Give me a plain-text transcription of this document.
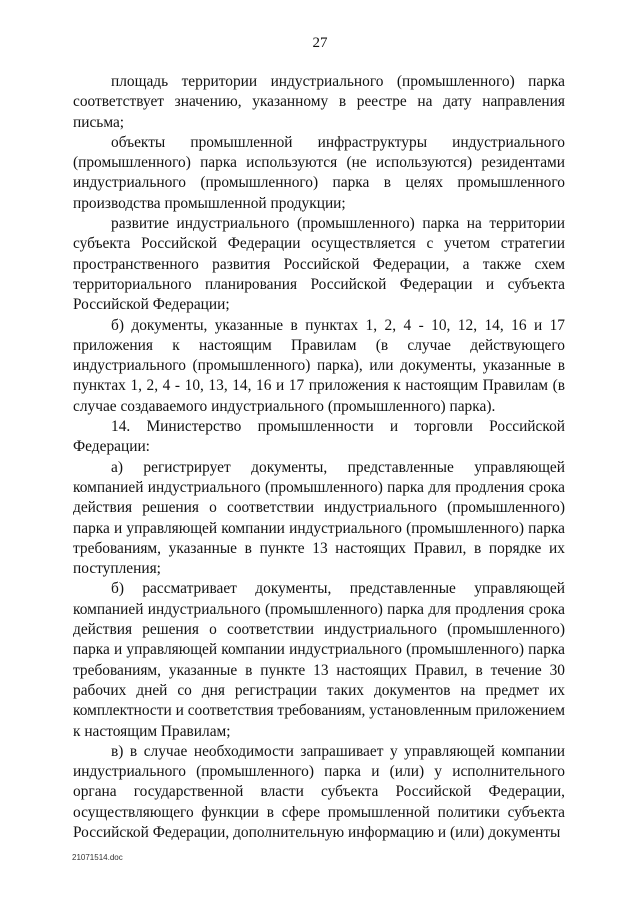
27

площадь территории индустриального (промышленного) парка соответствует значению, указанному в реестре на дату направления письма;

объекты промышленной инфраструктуры индустриального (промышленного) парка используются (не используются) резидентами индустриального (промышленного) парка в целях промышленного производства промышленной продукции;

развитие индустриального (промышленного) парка на территории субъекта Российской Федерации осуществляется с учетом стратегии пространственного развития Российской Федерации, а также схем территориального планирования Российской Федерации и субъекта Российской Федерации;

б) документы, указанные в пунктах 1, 2, 4 - 10, 12, 14, 16 и 17 приложения к настоящим Правилам (в случае действующего индустриального (промышленного) парка), или документы, указанные в пунктах 1, 2, 4 - 10, 13, 14, 16 и 17 приложения к настоящим Правилам (в случае создаваемого индустриального (промышленного) парка).

14. Министерство промышленности и торговли Российской Федерации:

а) регистрирует документы, представленные управляющей компанией индустриального (промышленного) парка для продления срока действия решения о соответствии индустриального (промышленного) парка и управляющей компании индустриального (промышленного) парка требованиям, указанные в пункте 13 настоящих Правил, в порядке их поступления;

б) рассматривает документы, представленные управляющей компанией индустриального (промышленного) парка для продления срока действия решения о соответствии индустриального (промышленного) парка и управляющей компании индустриального (промышленного) парка требованиям, указанные в пункте 13 настоящих Правил, в течение 30 рабочих дней со дня регистрации таких документов на предмет их комплектности и соответствия требованиям, установленным приложением к настоящим Правилам;

в) в случае необходимости запрашивает у управляющей компании индустриального (промышленного) парка и (или) у исполнительного органа государственной власти субъекта Российской Федерации, осуществляющего функции в сфере промышленной политики субъекта Российской Федерации, дополнительную информацию и (или) документы

21071514.doc
